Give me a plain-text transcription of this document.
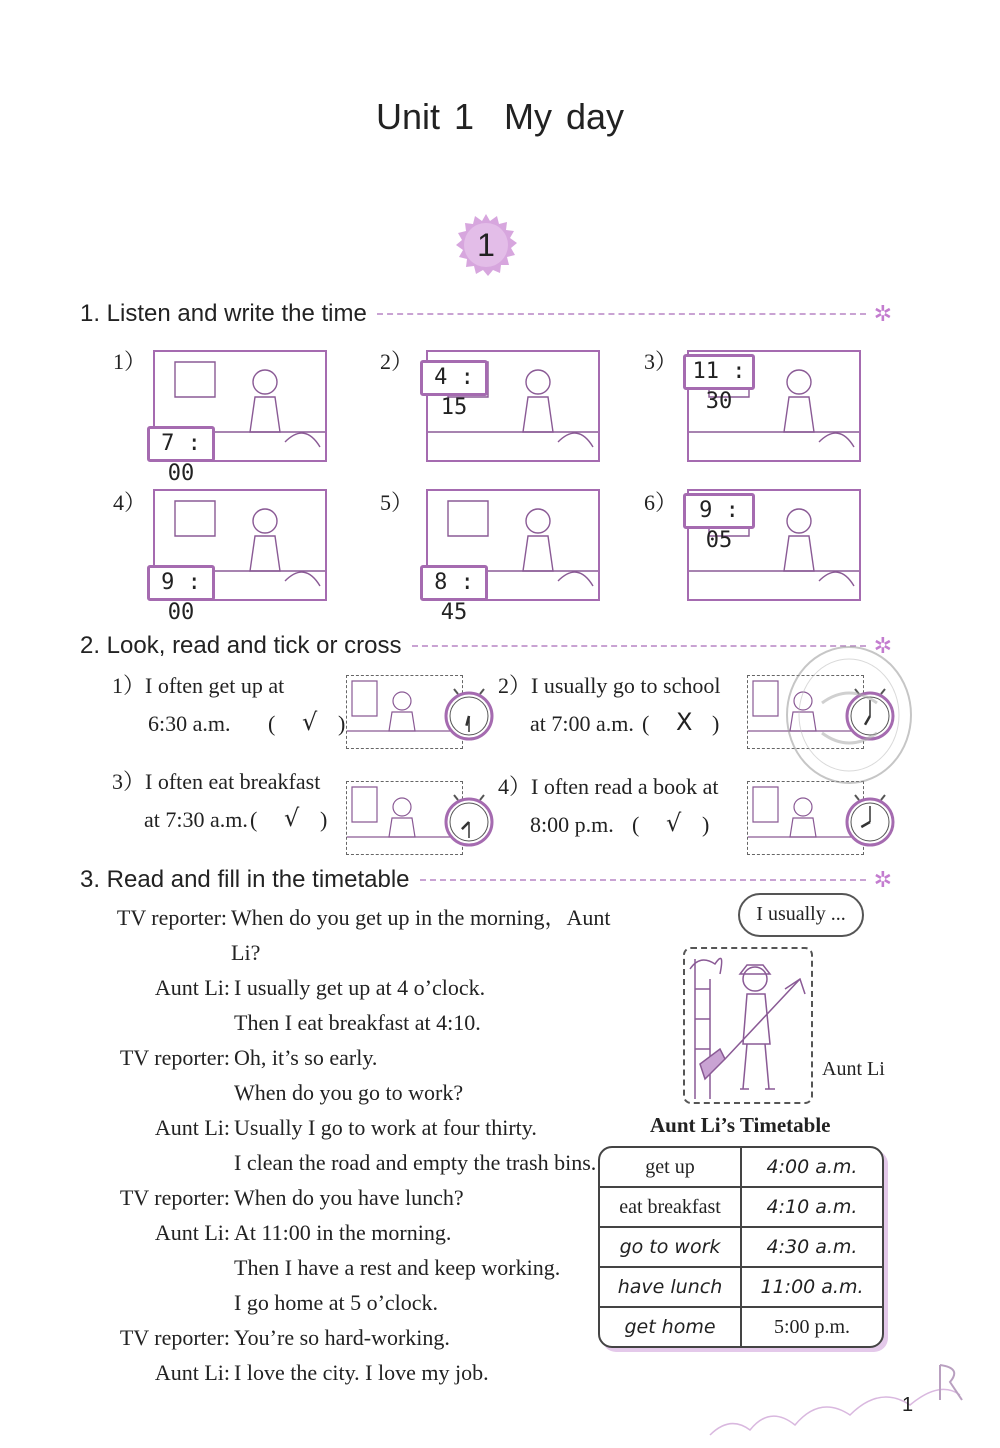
Unit 1 My day
1
1. Listen and write the time	✲
1）
7 : 00
2）
4 : 15
3） 11 : 30
4）
9 : 00
5）
8 : 45
6）	9 : 05
2. Look, read and tick or cross	✲
1）I often get up at
6:30 a.m. ( √ )
2）I usually go to school
at 7:00 a.m. ( X )
3）I often eat breakfast
at 7:30 a.m. ( √ )
4）I often read a book at
8:00 p.m. ( √ )
3. Read and fill in the timetable	✲
TV reporter: When do you get up in the morning，Aunt Li?
Aunt Li: I usually get up at 4 o’clock.
Then I eat breakfast at 4:10.
TV reporter: Oh, it’s so early.
When do you go to work?
Aunt Li: Usually I go to work at four thirty.
I clean the road and empty the trash bins.
TV reporter: When do you have lunch?
Aunt Li: At 11:00 in the morning.
Then I have a rest and keep working.
I go home at 5 o’clock.
TV reporter: You’re so hard-working.
Aunt Li: I love the city. I love my job.
I usually ...
Aunt Li
Aunt Li’s Timetable
get up	4:00 a.m.
eat breakfast	4:10 a.m.
go to work	4:30 a.m.
have lunch	11:00 a.m.
get home	5:00 p.m.
1
